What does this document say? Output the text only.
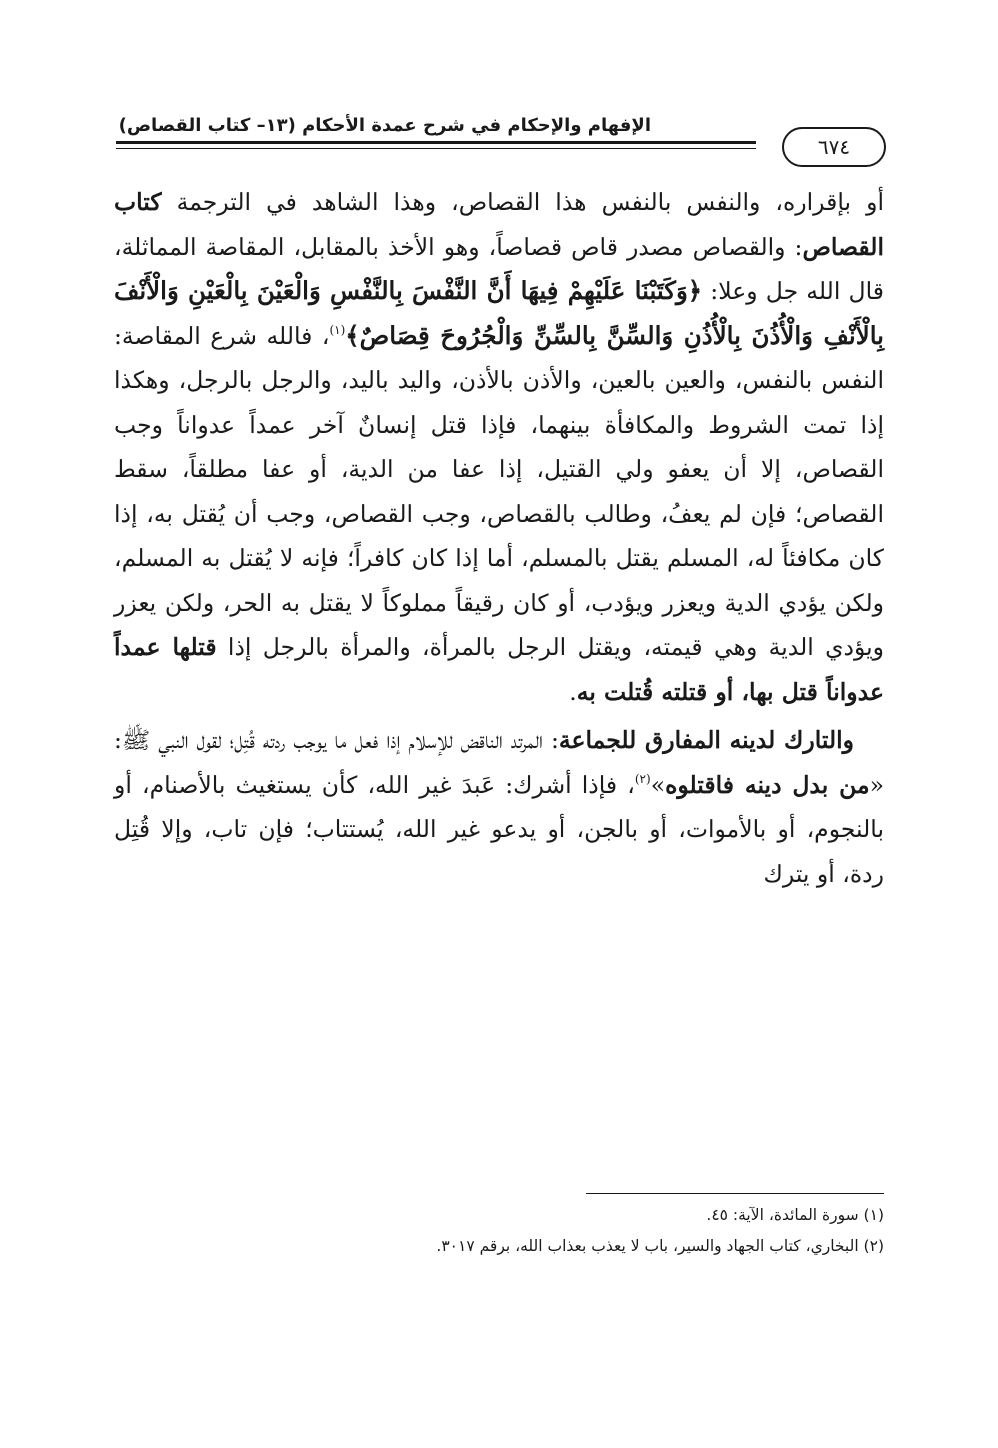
الإفهام والإحكام في شرح عمدة الأحكام (١٣– كتاب القصاص)
٦٧٤

أو بإقراره، والنفس بالنفس هذا القصاص، وهذا الشاهد في الترجمة كتاب القصاص: والقصاص مصدر قاص قصاصاً، وهو الأخذ بالمقابل، المقاصة المماثلة، قال الله جل وعلا: ﴿وَكَتَبْنَا عَلَيْهِمْ فِيهَا أَنَّ النَّفْسَ بِالنَّفْسِ وَالْعَيْنَ بِالْعَيْنِ وَالْأَنْفَ بِالْأَنْفِ وَالْأُذُنَ بِالْأُذُنِ وَالسِّنَّ بِالسِّنِّ وَالْجُرُوحَ قِصَاصٌ﴾$^{(١)}$، فالله شرع المقاصة: النفس بالنفس، والعين بالعين، والأذن بالأذن، واليد باليد، والرجل بالرجل، وهكذا إذا تمت الشروط والمكافأة بينهما، فإذا قتل إنسانٌ آخر عمداً عدواناً وجب القصاص، إلا أن يعفو ولي القتيل، إذا عفا من الدية، أو عفا مطلقاً، سقط القصاص؛ فإن لم يعفُ، وطالب بالقصاص، وجب القصاص، وجب أن يُقتل به، إذا كان مكافئاً له، المسلم يقتل بالمسلم، أما إذا كان كافراً؛ فإنه لا يُقتل به المسلم، ولكن يؤدي الدية ويعزر ويؤدب، أو كان رقيقاً مملوكاً لا يقتل به الحر، ولكن يعزر ويؤدي الدية وهي قيمته، ويقتل الرجل بالمرأة، والمرأة بالرجل إذا قتلها عمداً عدواناً قتل بها، أو قتلته قُتلت به.

والتارك لدينه المفارق للجماعة: المرتد الناقض للإسلام إذا فعل ما يوجب ردته قُتِل؛ لقول النبي ﷺ: «من بدل دينه فاقتلوه»$^{(٢)}$، فإذا أشرك: عَبدَ غير الله، كأن يستغيث بالأصنام، أو بالنجوم، أو بالأموات، أو بالجن، أو يدعو غير الله، يُستتاب؛ فإن تاب، وإلا قُتِل ردة، أو يترك

(١) سورة المائدة، الآية: ٤٥.
(٢) البخاري، كتاب الجهاد والسير، باب لا يعذب بعذاب الله، برقم ٣٠١٧.
